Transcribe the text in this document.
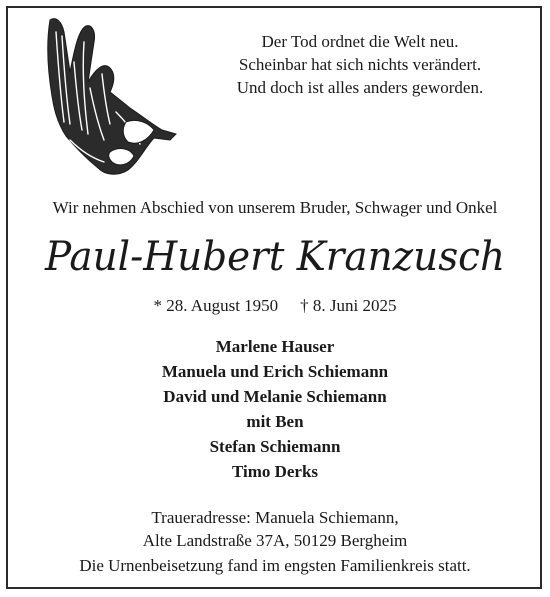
Der Tod ordnet die Welt neu.
Scheinbar hat sich nichts verändert.
Und doch ist alles anders geworden.
Wir nehmen Abschied von unserem Bruder, Schwager und Onkel
Paul-Hubert Kranzusch
* 28. August 1950 † 8. Juni 2025
Marlene Hauser
Manuela und Erich Schiemann
David und Melanie Schiemann
mit Ben
Stefan Schiemann
Timo Derks
Traueradresse: Manuela Schiemann,
Alte Landstraße 37A, 50129 Bergheim
Die Urnenbeisetzung fand im engsten Familienkreis statt.
